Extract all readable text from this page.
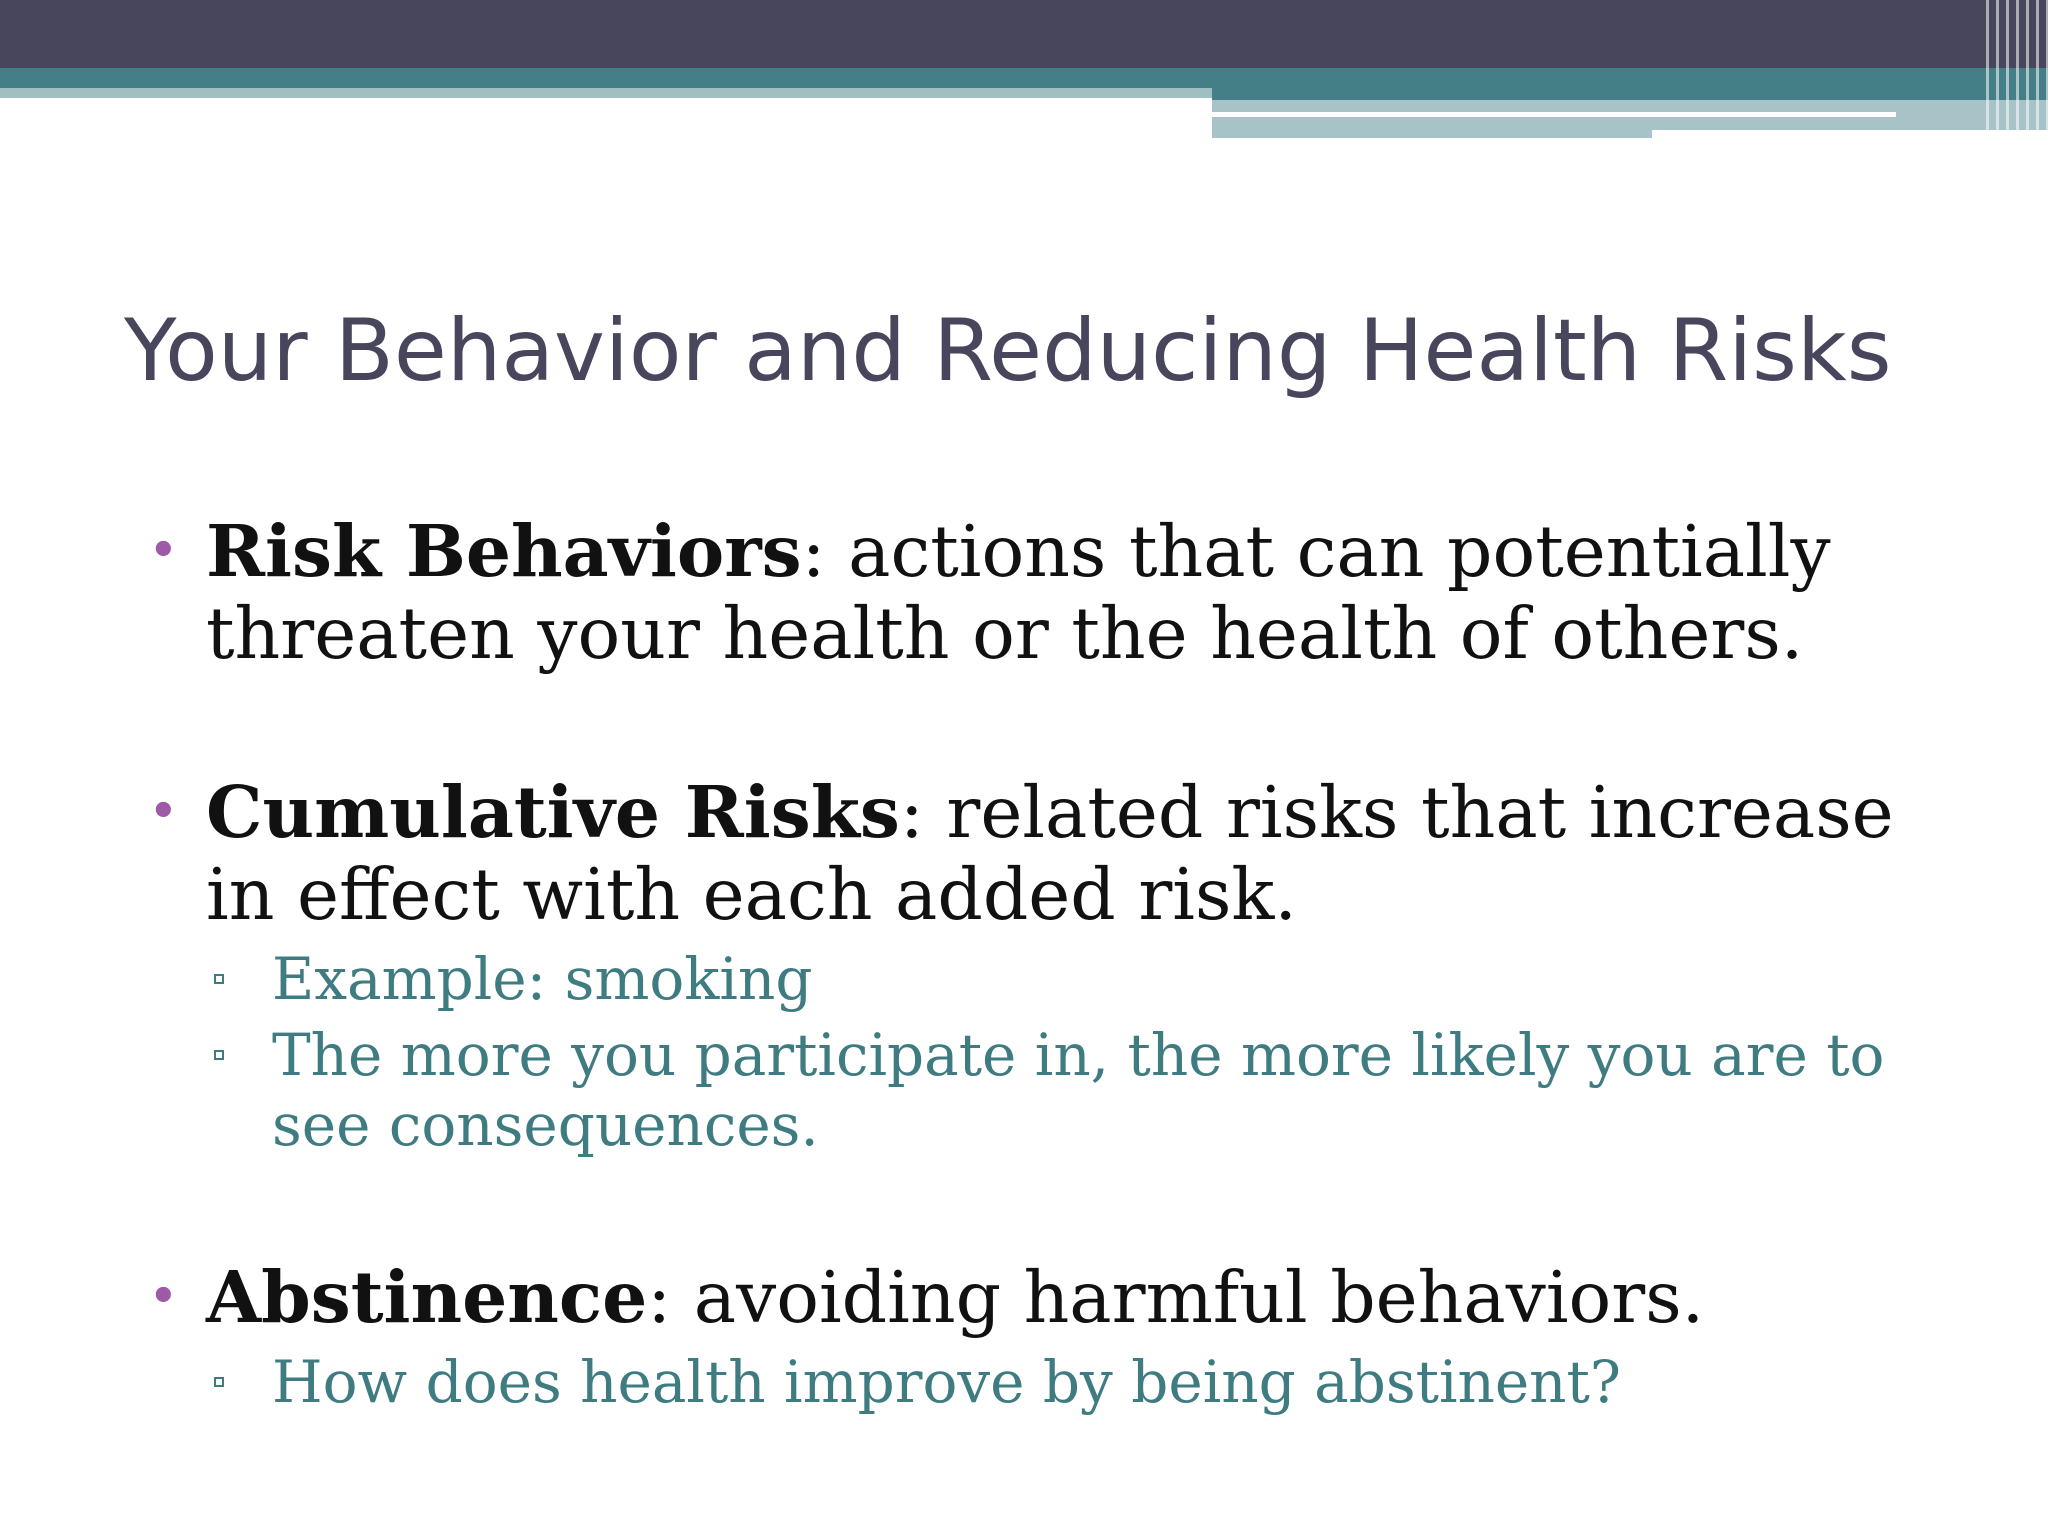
Your Behavior and Reducing Health Risks
• Risk Behaviors: actions that can potentially threaten your health or the health of others.
• Cumulative Risks: related risks that increase in effect with each added risk.
Example: smoking
The more you participate in, the more likely you are to see consequences.
• Abstinence: avoiding harmful behaviors.
How does health improve by being abstinent?
